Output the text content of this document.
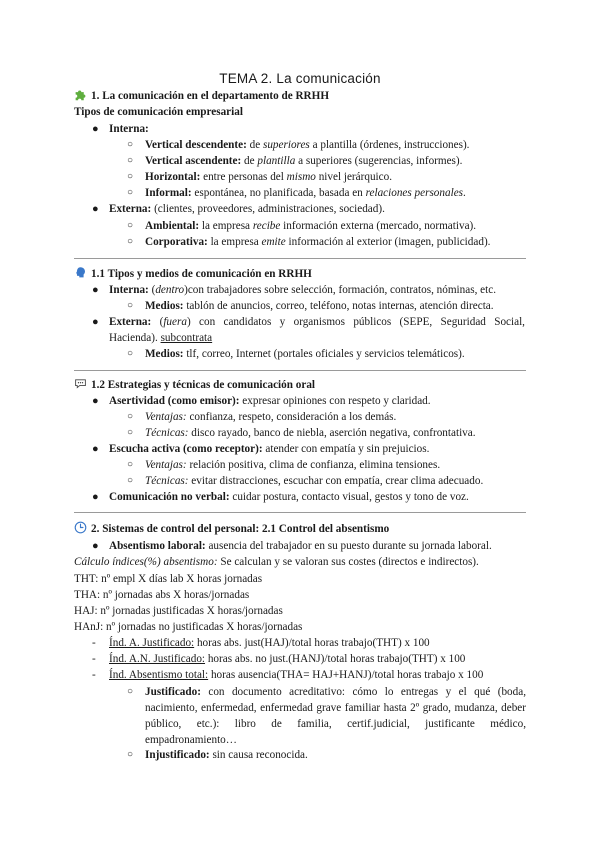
TEMA 2. La comunicación
1. La comunicación en el departamento de RRHH
Tipos de comunicación empresarial
● Interna:
○ Vertical descendente: de superiores a plantilla (órdenes, instrucciones).
○ Vertical ascendente: de plantilla a superiores (sugerencias, informes).
○ Horizontal: entre personas del mismo nivel jerárquico.
○ Informal: espontánea, no planificada, basada en relaciones personales.
● Externa: (clientes, proveedores, administraciones, sociedad).
○ Ambiental: la empresa recibe información externa (mercado, normativa).
○ Corporativa: la empresa emite información al exterior (imagen, publicidad).
1.1 Tipos y medios de comunicación en RRHH
● Interna: (dentro)con trabajadores sobre selección, formación, contratos, nóminas, etc.
○ Medios: tablón de anuncios, correo, teléfono, notas internas, atención directa.
● Externa: (fuera) con candidatos y organismos públicos (SEPE, Seguridad Social,
Hacienda). subcontrata
○ Medios: tlf, correo, Internet (portales oficiales y servicios telemáticos).
1.2 Estrategias y técnicas de comunicación oral
● Asertividad (como emisor): expresar opiniones con respeto y claridad.
○ Ventajas: confianza, respeto, consideración a los demás.
○ Técnicas: disco rayado, banco de niebla, aserción negativa, confrontativa.
● Escucha activa (como receptor): atender con empatía y sin prejuicios.
○ Ventajas: relación positiva, clima de confianza, elimina tensiones.
○ Técnicas: evitar distracciones, escuchar con empatía, crear clima adecuado.
● Comunicación no verbal: cuidar postura, contacto visual, gestos y tono de voz.
2. Sistemas de control del personal: 2.1 Control del absentismo
● Absentismo laboral: ausencia del trabajador en su puesto durante su jornada laboral.
Cálculo índices(%) absentismo: Se calculan y se valoran sus costes (directos e indirectos).
THT: nº empl X días lab X horas jornadas
THA: nº jornadas abs X horas/jornadas
HAJ: nº jornadas justificadas X horas/jornadas
HAnJ: nº jornadas no justificadas X horas/jornadas
- Índ. A. Justificado: horas abs. just(HAJ)/total horas trabajo(THT) x 100
- Índ. A.N. Justificado: horas abs. no just.(HANJ)/total horas trabajo(THT) x 100
- Índ. Absentismo total: horas ausencia(THA= HAJ+HANJ)/total horas trabajo x 100
○ Justificado: con documento acreditativo: cómo lo entregas y el qué (boda, nacimiento, enfermedad, enfermedad grave familiar hasta 2º grado, mudanza, deber público, etc.): libro de familia, certif.judicial, justificante médico, empadronamiento…
○ Injustificado: sin causa reconocida.
